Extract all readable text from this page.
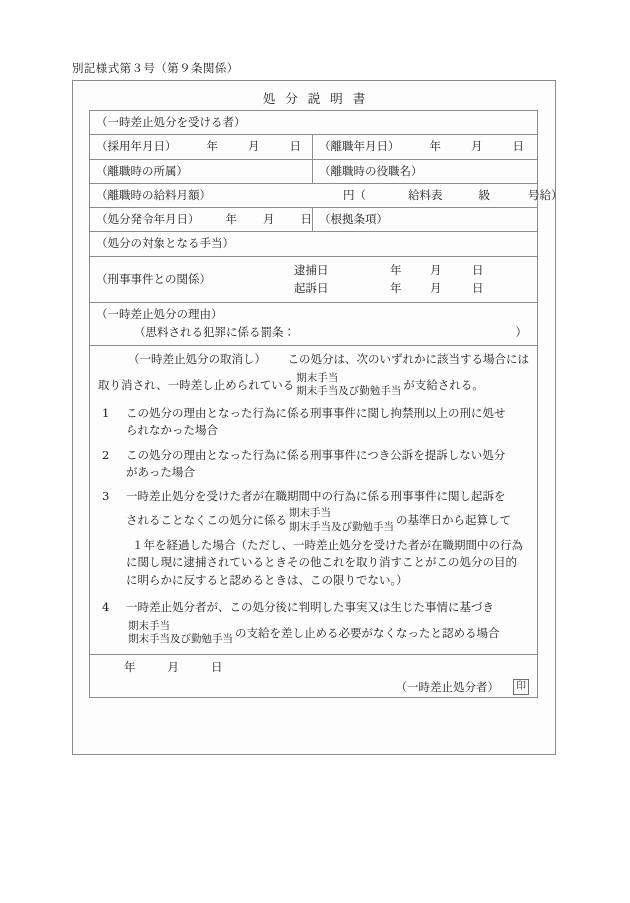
別記様式第３号（第９条関係）
処分説明書
（一時差止処分を受ける者）	

（採用年月日） 年 月 日	（離職年月日） 年 月 日

（離職時の所属）	（離職時の役職名）

（離職時の給料月額） 円（ 給料表 級 号給）	

（処分発令年月日） 年 月 日	（根拠条項）

（処分の対象となる手当）	

（刑事事件との関係）
逮捕日	年	月	日
起訴日	年	月	日

（一時差止処分の理由）
（思料される犯罪に係る罰条： ）	

（一時差止処分の取消し） この処分は、次のいずれかに該当する場合には
取り消され、一時差し止められている 期末手当
期末手当及び勤勉手当 が支給される。
1	この処分の理由となった行為に係る刑事事件に関し拘禁刑以上の刑に処せ
られなかった場合
2	この処分の理由となった行為に係る刑事事件につき公訴を提訴しない処分
があった場合
3	一時差止処分を受けた者が在職期間中の行為に係る刑事事件に関し起訴を
されることなくこの処分に係る 期末手当
期末手当及び勤勉手当 の基準日から起算して
１年を経過した場合（ただし、一時差止処分を受けた者が在職期間中の行為
に関し現に逮捕されているときその他これを取り消すことがこの処分の目的
に明らかに反すると認めるときは、この限りでない。）
4	一時差止処分者が、この処分後に判明した事実又は生じた事情に基づき
期末手当
期末手当及び勤勉手当 の支給を差し止める必要がなくなったと認める場合

年 月 日
（一時差止処分者） 印	
